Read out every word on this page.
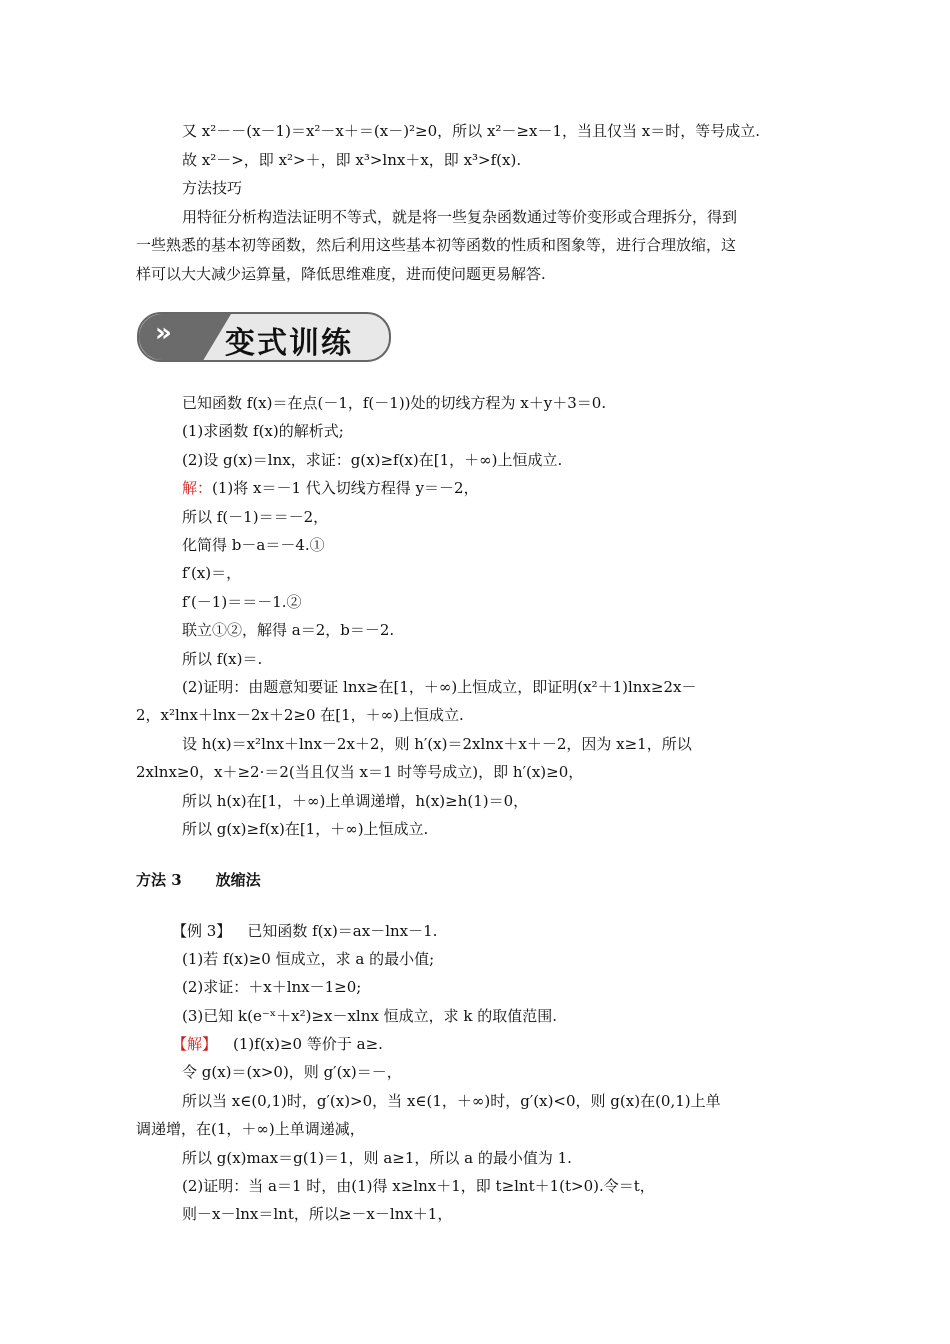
又 x²－－(x－1)＝x²－x＋＝(x－)²≥0，所以 x²－≥x－1，当且仅当 x＝时，等号成立.
故 x²－>，即 x²>＋，即 x³>lnx＋x，即 x³>f(x).
方法技巧
用特征分析构造法证明不等式，就是将一些复杂函数通过等价变形或合理拆分，得到
一些熟悉的基本初等函数，然后利用这些基本初等函数的性质和图象等，进行合理放缩，这
样可以大大减少运算量，降低思维难度，进而使问题更易解答.
» 变式训练
已知函数 f(x)＝在点(－1，f(－1))处的切线方程为 x＋y＋3＝0.
(1)求函数 f(x)的解析式;
(2)设 g(x)＝lnx，求证：g(x)≥f(x)在[1，＋∞)上恒成立.
解：(1)将 x＝－1 代入切线方程得 y＝－2，
所以 f(－1)＝＝－2，
化简得 b－a＝－4.①
f′(x)＝，
f′(－1)＝＝－1.②
联立①②，解得 a＝2，b＝－2.
所以 f(x)＝.
(2)证明：由题意知要证 lnx≥在[1，＋∞)上恒成立，即证明(x²＋1)lnx≥2x－
2，x²lnx＋lnx－2x＋2≥0 在[1，＋∞)上恒成立.
设 h(x)＝x²lnx＋lnx－2x＋2，则 h′(x)＝2xlnx＋x＋－2，因为 x≥1，所以
2xlnx≥0，x＋≥2·＝2(当且仅当 x＝1 时等号成立)，即 h′(x)≥0，
所以 h(x)在[1，＋∞)上单调递增，h(x)≥h(1)＝0，
所以 g(x)≥f(x)在[1，＋∞)上恒成立.
方法 3 放缩法
【例 3】 已知函数 f(x)＝ax－lnx－1.
(1)若 f(x)≥0 恒成立，求 a 的最小值;
(2)求证：＋x＋lnx－1≥0;
(3)已知 k(e⁻ˣ＋x²)≥x－xlnx 恒成立，求 k 的取值范围.
【解】 (1)f(x)≥0 等价于 a≥.
令 g(x)＝(x>0)，则 g′(x)＝－，
所以当 x∈(0,1)时，g′(x)>0，当 x∈(1，＋∞)时，g′(x)<0，则 g(x)在(0,1)上单
调递增，在(1，＋∞)上单调递减，
所以 g(x)max＝g(1)＝1，则 a≥1，所以 a 的最小值为 1.
(2)证明：当 a＝1 时，由(1)得 x≥lnx＋1，即 t≥lnt＋1(t>0).令＝t，
则－x－lnx＝lnt，所以≥－x－lnx＋1，
